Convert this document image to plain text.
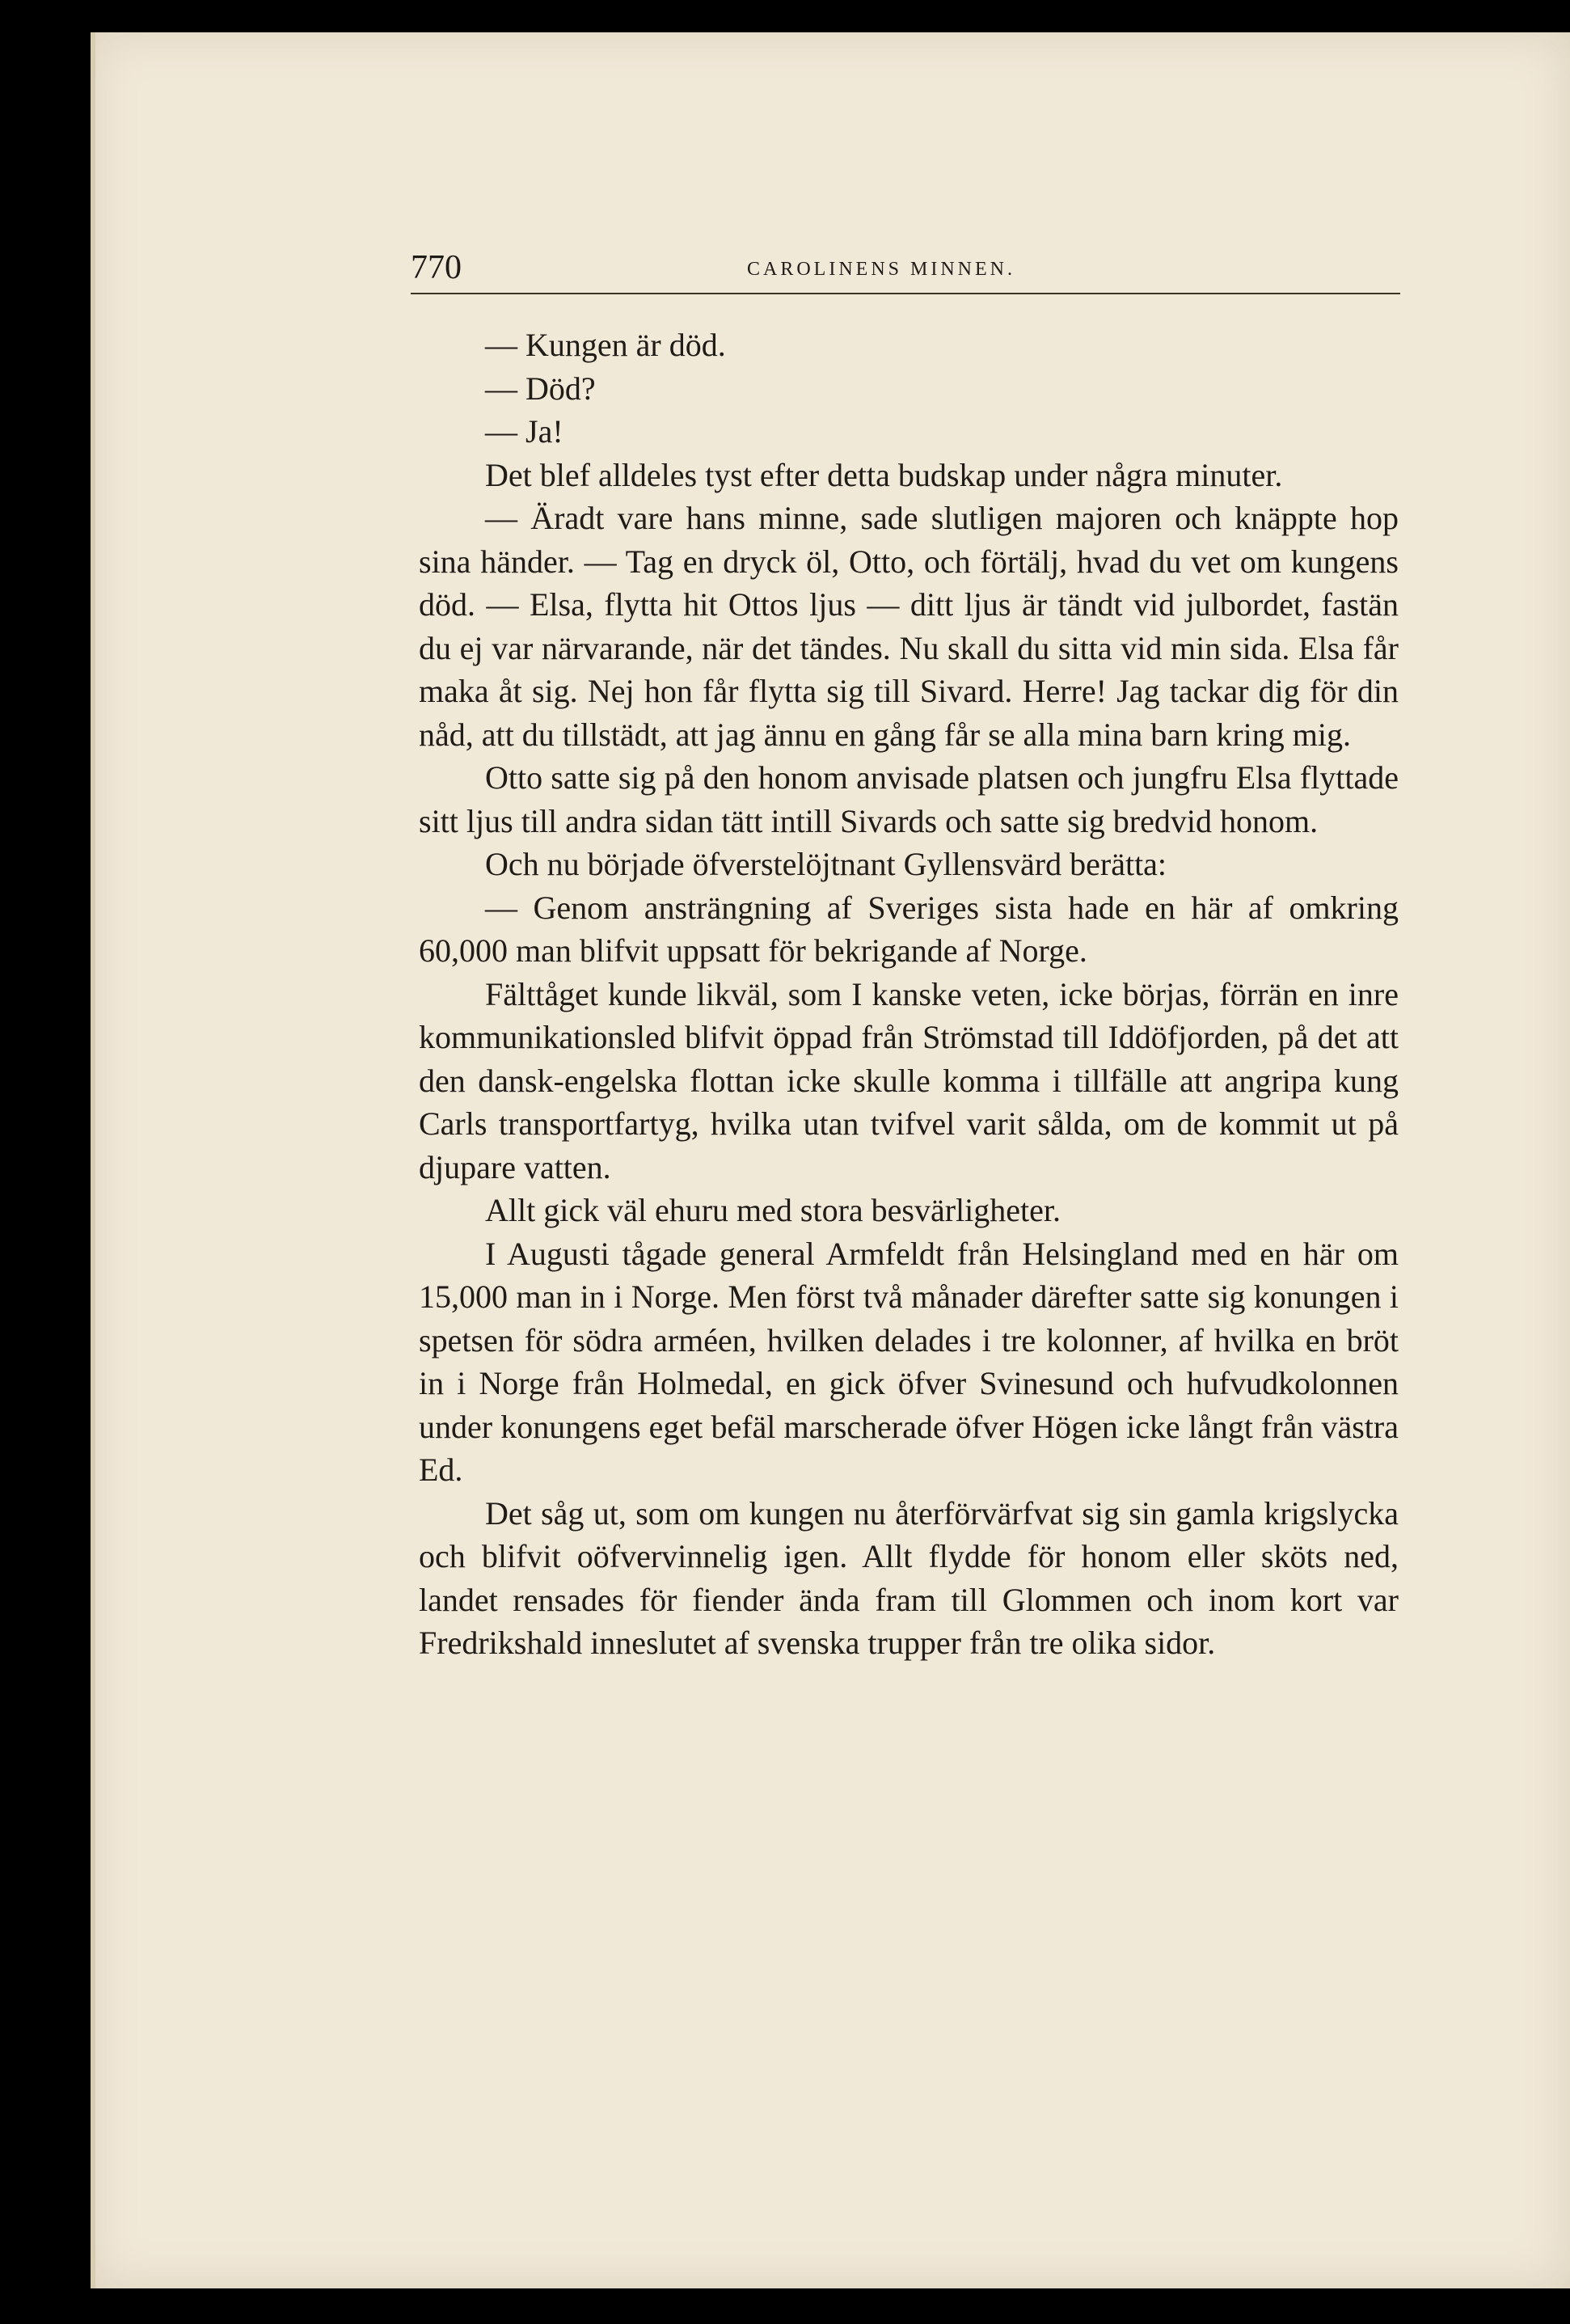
770	CAROLINENS MINNEN.

— Kungen är död.

— Död?

— Ja!

Det blef alldeles tyst efter detta budskap under några minuter.

— Äradt vare hans minne, sade slutligen majoren och knäppte hop sina händer. — Tag en dryck öl, Otto, och förtälj, hvad du vet om kungens död. — Elsa, flytta hit Ottos ljus — ditt ljus är tändt vid julbordet, fastän du ej var närvarande, när det tändes. Nu skall du sitta vid min sida. Elsa får maka åt sig. Nej hon får flytta sig till Sivard. Herre! Jag tackar dig för din nåd, att du tillstädt, att jag ännu en gång får se alla mina barn kring mig.

Otto satte sig på den honom anvisade platsen och jungfru Elsa flyttade sitt ljus till andra sidan tätt intill Sivards och satte sig bredvid honom.

Och nu började öfverstelöjtnant Gyllensvärd berätta:

— Genom ansträngning af Sveriges sista hade en här af omkring 60,000 man blifvit uppsatt för bekrigande af Norge.

Fälttåget kunde likväl, som I kanske veten, icke börjas, förrän en inre kommunikationsled blifvit öppad från Strömstad till Iddöfjorden, på det att den dansk-engelska flottan icke skulle komma i tillfälle att angripa kung Carls transportfartyg, hvilka utan tvifvel varit sålda, om de kommit ut på djupare vatten.

Allt gick väl ehuru med stora besvärligheter.

I Augusti tågade general Armfeldt från Helsingland med en här om 15,000 man in i Norge. Men först två månader därefter satte sig konungen i spetsen för södra arméen, hvilken delades i tre kolonner, af hvilka en bröt in i Norge från Holmedal, en gick öfver Svinesund och hufvudkolonnen under konungens eget befäl marscherade öfver Högen icke långt från västra Ed.

Det såg ut, som om kungen nu återförvärfvat sig sin gamla krigslycka och blifvit oöfvervinnelig igen. Allt flydde för honom eller sköts ned, landet rensades för fiender ända fram till Glommen och inom kort var Fredrikshald inneslutet af svenska trupper från tre olika sidor.
